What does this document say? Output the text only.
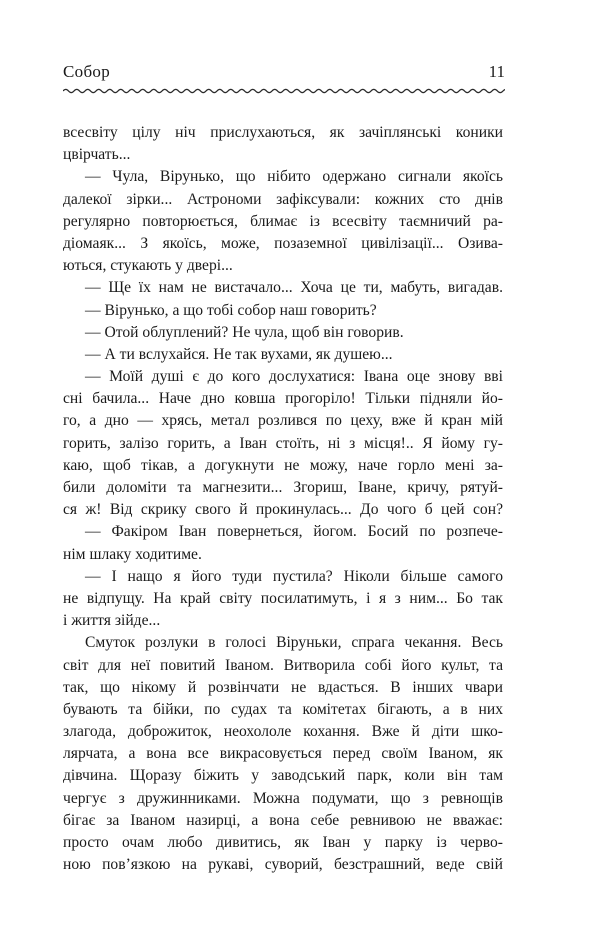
Собор	11
всесвіту цілу ніч прислухаються, як зачіплянські коники
цвірчать...
— Чула, Вірунько, що нібито одержано сигнали якоїсь
далекої зірки... Астрономи зафіксували: кожних сто днів
регулярно повторюється, блимає із всесвіту таємничий ра-
діомаяк... З якоїсь, може, позаземної цивілізації... Озива-
ються, стукають у двері...
— Ще їх нам не вистачало... Хоча це ти, мабуть, вигадав.
— Вірунько, а що тобі собор наш говорить?
— Отой облуплений? Не чула, щоб він говорив.
— А ти вслухайся. Не так вухами, як душею...
— Моїй душі є до кого дослухатися: Івана оце знову вві
сні бачила... Наче дно ковша прогоріло! Тільки підняли йо-
го, а дно — хрясь, метал розлився по цеху, вже й кран мій
горить, залізо горить, а Іван стоїть, ні з місця!.. Я йому гу-
каю, щоб тікав, а догукнути не можу, наче горло мені за-
били доломіти та магнезити... Згориш, Іване, кричу, рятуй-
ся ж! Від скрику свого й прокинулась... До чого б цей сон?
— Факіром Іван повернеться, йогом. Босий по розпече-
нім шлаку ходитиме.
— І нащо я його туди пустила? Ніколи більше самого
не відпущу. На край світу посилатимуть, і я з ним... Бо так
і життя зійде...
Смуток розлуки в голосі Віруньки, спрага чекання. Весь
світ для неї повитий Іваном. Витворила собі його культ, та
так, що нікому й розвінчати не вдасться. В інших чвари
бувають та бійки, по судах та комітетах бігають, а в них
злагода, доброжиток, неохололе кохання. Вже й діти шко-
лярчата, а вона все викрасовується перед своїм Іваном, як
дівчина. Щоразу біжить у заводський парк, коли він там
чергує з дружинниками. Можна подумати, що з ревнощів
бігає за Іваном назирці, а вона себе ревнивою не вважає:
просто очам любо дивитись, як Іван у парку із черво-
ною пов’язкою на рукаві, суворий, безстрашний, веде свій
